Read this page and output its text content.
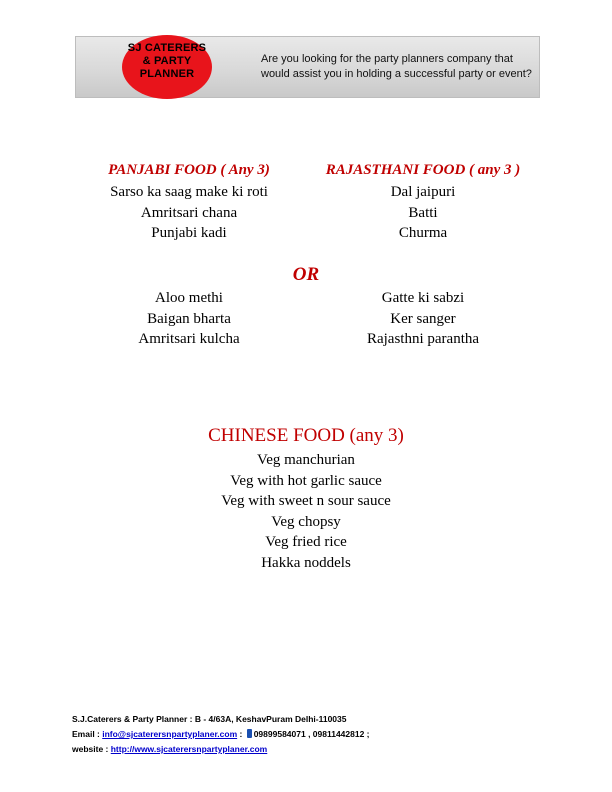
SJ CATERERS
& PARTY
PLANNER
Are you looking for the party planners company that
would assist you in holding a successful party or event?
PANJABI FOOD ( Any 3)	RAJASTHANI FOOD ( any 3 )
Sarso ka saag make ki roti
Amritsari chana
Punjabi kadi
Dal jaipuri
Batti
Churma
OR
Aloo methi
Baigan bharta
Amritsari kulcha
Gatte ki sabzi
Ker sanger
Rajasthni parantha
CHINESE FOOD (any 3)
Veg manchurian
Veg with hot garlic sauce
Veg with sweet n sour sauce
Veg chopsy
Veg fried rice
Hakka noddels
S.J.Caterers & Party Planner : B - 4/63A, KeshavPuram Delhi-110035
Email : info@sjcaterersnpartyplaner.com : 09899584071 , 09811442812 ;
website : http://www.sjcaterersnpartyplaner.com
